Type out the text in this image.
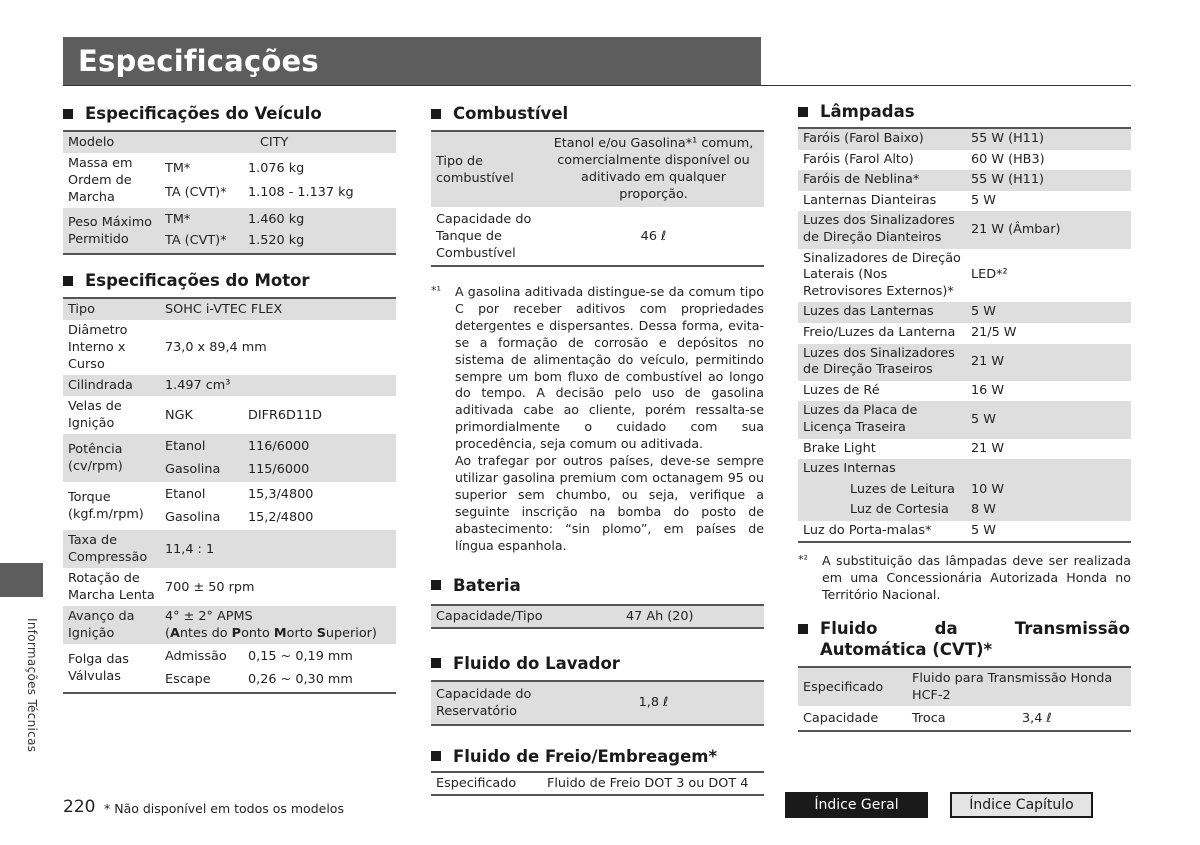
Especificações
Informações Técnicas
Especificações do Veículo
Modelo	CITY	
Massa em Ordem de Marcha	TM*	1.076 kg
	TA (CVT)*	1.108 - 1.137 kg
Peso Máximo Permitido	TM*	1.460 kg
	TA (CVT)*	1.520 kg
Especificações do Motor
Tipo	SOHC i-VTEC FLEX	
Diâmetro Interno x Curso	73,0 x 89,4 mm	
Cilindrada	1.497 cm³	
Velas de Ignição	NGK	DIFR6D11D
Potência (cv/rpm)	Etanol	116/6000
	Gasolina	115/6000
Torque (kgf.m/rpm)	Etanol	15,3/4800
	Gasolina	15,2/4800
Taxa de Compressão	11,4 : 1	
Rotação de Marcha Lenta	700 ± 50 rpm	
Avanço da Ignição	4° ± 2° APMS
(Antes do Ponto Morto Superior)	

Folga das Válvulas	Admissão	0,15 ~ 0,19 mm
	Escape	0,26 ~ 0,30 mm
Combustível
Tipo de combustível	Etanol e/ou Gasolina*¹ comum, comercialmente disponível ou aditivado em qualquer proporção.
Capacidade do Tanque de Combustível	46 ℓ
*¹	A gasolina aditivada distingue-se da comum tipo C por receber aditivos com propriedades detergentes e dispersantes. Dessa forma, evita-se a formação de corrosão e depósitos no sistema de alimentação do veículo, permitindo sempre um bom fluxo de combustível ao longo do tempo. A decisão pelo uso de gasolina aditivada cabe ao cliente, porém ressalta-se primordialmente o cuidado com sua procedência, seja comum ou aditivada.
Ao trafegar por outros países, deve-se sempre utilizar gasolina premium com octanagem 95 ou superior sem chumbo, ou seja, verifique a seguinte inscrição na bomba do posto de abastecimento: “sin plomo”, em países de língua espanhola.
Bateria
Capacidade/Tipo	47 Ah (20)
Fluido do Lavador
Capacidade do Reservatório	1,8 ℓ
Fluido de Freio/Embreagem*
Especificado	Fluido de Freio DOT 3 ou DOT 4
Lâmpadas
Faróis (Farol Baixo)	55 W (H11)
Faróis (Farol Alto)	60 W (HB3)
Faróis de Neblina*	55 W (H11)
Lanternas Dianteiras	5 W
Luzes dos Sinalizadores de Direção Dianteiros	21 W (Âmbar)
Sinalizadores de Direção Laterais (Nos Retrovisores Externos)*	LED*²
Luzes das Lanternas	5 W
Freio/Luzes da Lanterna	21/5 W
Luzes dos Sinalizadores de Direção Traseiros	21 W
Luzes de Ré	16 W
Luzes da Placa de Licença Traseira	5 W
Brake Light	21 W
Luzes Internas	
Luzes de Leitura	10 W
Luz de Cortesia	8 W
Luz do Porta-malas*	5 W
*²	A substituição das lâmpadas deve ser realizada em uma Concessionária Autorizada Honda no Território Nacional.
Fluido da Transmissão Automática (CVT)*
Especificado	Fluido para Transmissão Honda HCF-2	
Capacidade	Troca	3,4 ℓ
220 * Não disponível em todos os modelos	Índice Geral	Índice Capítulo
